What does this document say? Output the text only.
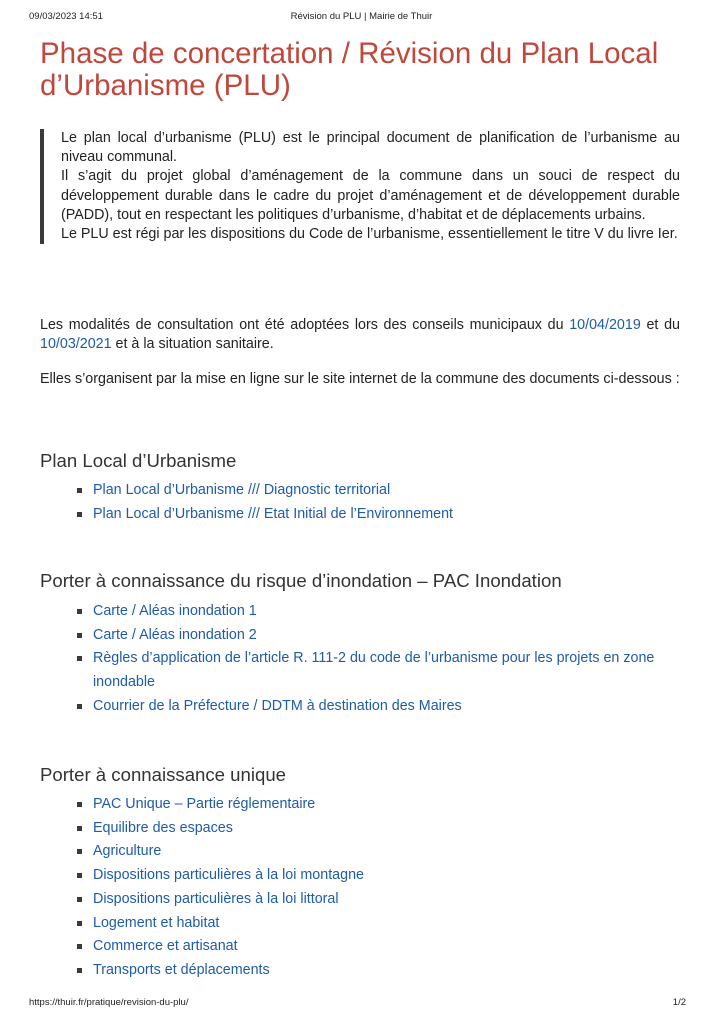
09/03/2023 14:51	Révision du PLU | Mairie de Thuir
Phase de concertation / Révision du Plan Local d’Urbanisme (PLU)

Le plan local d’urbanisme (PLU) est le principal document de planification de l’urbanisme au niveau communal.

Il s’agit du projet global d’aménagement de la commune dans un souci de respect du développement durable dans le cadre du projet d’aménagement et de développement durable (PADD), tout en respectant les politiques d’urbanisme, d’habitat et de déplacements urbains.

Le PLU est régi par les dispositions du Code de l’urbanisme, essentiellement le titre V du livre Ier.

Les modalités de consultation ont été adoptées lors des conseils municipaux du 10/04/2019 et du 10/03/2021 et à la situation sanitaire.

Elles s’organisent par la mise en ligne sur le site internet de la commune des documents ci-dessous :

Plan Local d’Urbanisme
Plan Local d’Urbanisme /// Diagnostic territorial
Plan Local d’Urbanisme /// Etat Initial de l’Environnement
Porter à connaissance du risque d’inondation – PAC Inondation
Carte / Aléas inondation 1
Carte / Aléas inondation 2
Règles d’application de l’article R. 111-2 du code de l’urbanisme pour les projets en zone inondable
Courrier de la Préfecture / DDTM à destination des Maires
Porter à connaissance unique
PAC Unique – Partie réglementaire
Equilibre des espaces
Agriculture
Dispositions particulières à la loi montagne
Dispositions particulières à la loi littoral
Logement et habitat
Commerce et artisanat
Transports et déplacements
https://thuir.fr/pratique/revision-du-plu/	1/2
